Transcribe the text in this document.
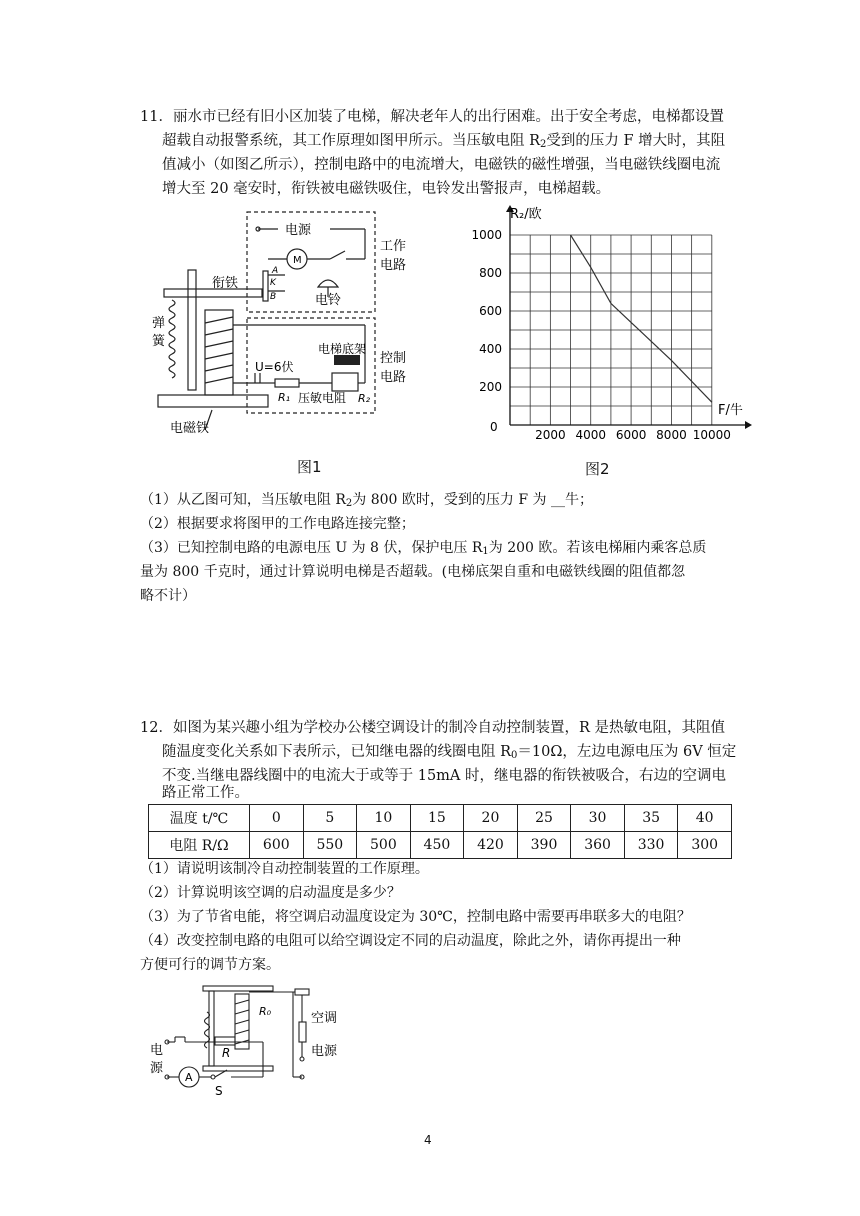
11．丽水市已经有旧小区加装了电梯，解决老年人的出行困难。出于安全考虑，电梯都设置
超载自动报警系统，其工作原理如图甲所示。当压敏电阻 $R_2$受到的压力 F 增大时，其阻
值减小（如图乙所示），控制电路中的电流增大，电磁铁的磁性增强，当电磁铁线圈电流
增大至 20 毫安时，衔铁被电磁铁吸住，电铃发出警报声，电梯超载。
电源
工作
电路
M
衔铁
A
K
B	电铃
弹
簧	电梯底架
控制
电路
U=6伏
R₁ 压敏电阻 R₂
电磁铁
图1
2000 4000 6000 8000 10000
200
400
600
800
1000
R₂/欧
F/牛
0
图2
（1）从乙图可知，当压敏电阻 $R_2$为 800 欧时，受到的压力 F 为 __牛；
（2）根据要求将图甲的工作电路连接完整；
（3）已知控制电路的电源电压 U 为 8 伏，保护电压 $R_1$为 200 欧。若该电梯厢内乘客总质
量为 800 千克时，通过计算说明电梯是否超载。(电梯底架自重和电磁铁线圈的阻值都忽
略不计）
12．如图为某兴趣小组为学校办公楼空调设计的制冷自动控制装置，R 是热敏电阻，其阻值
随温度变化关系如下表所示，已知继电器的线圈电阻 $R_0=10\Omega$，左边电源电压为 6V 恒定
不变.当继电器线圈中的电流大于或等于 15mA 时，继电器的衔铁被吸合，右边的空调电
路正常工作。
温度 t/℃	0	5	10	15	20	25	30	35	40
电阻 R/Ω	600	550	500	450	420	390	360	330	300
（1）请说明该制冷自动控制装置的工作原理。
（2）计算说明该空调的启动温度是多少？
（3）为了节省电能，将空调启动温度设定为 30℃，控制电路中需要再串联多大的电阻？
（4）改变控制电路的电阻可以给空调设定不同的启动温度，除此之外，请你再提出一种
方便可行的调节方案。
R₀	空调
电源
电
源
R
A
S
4
